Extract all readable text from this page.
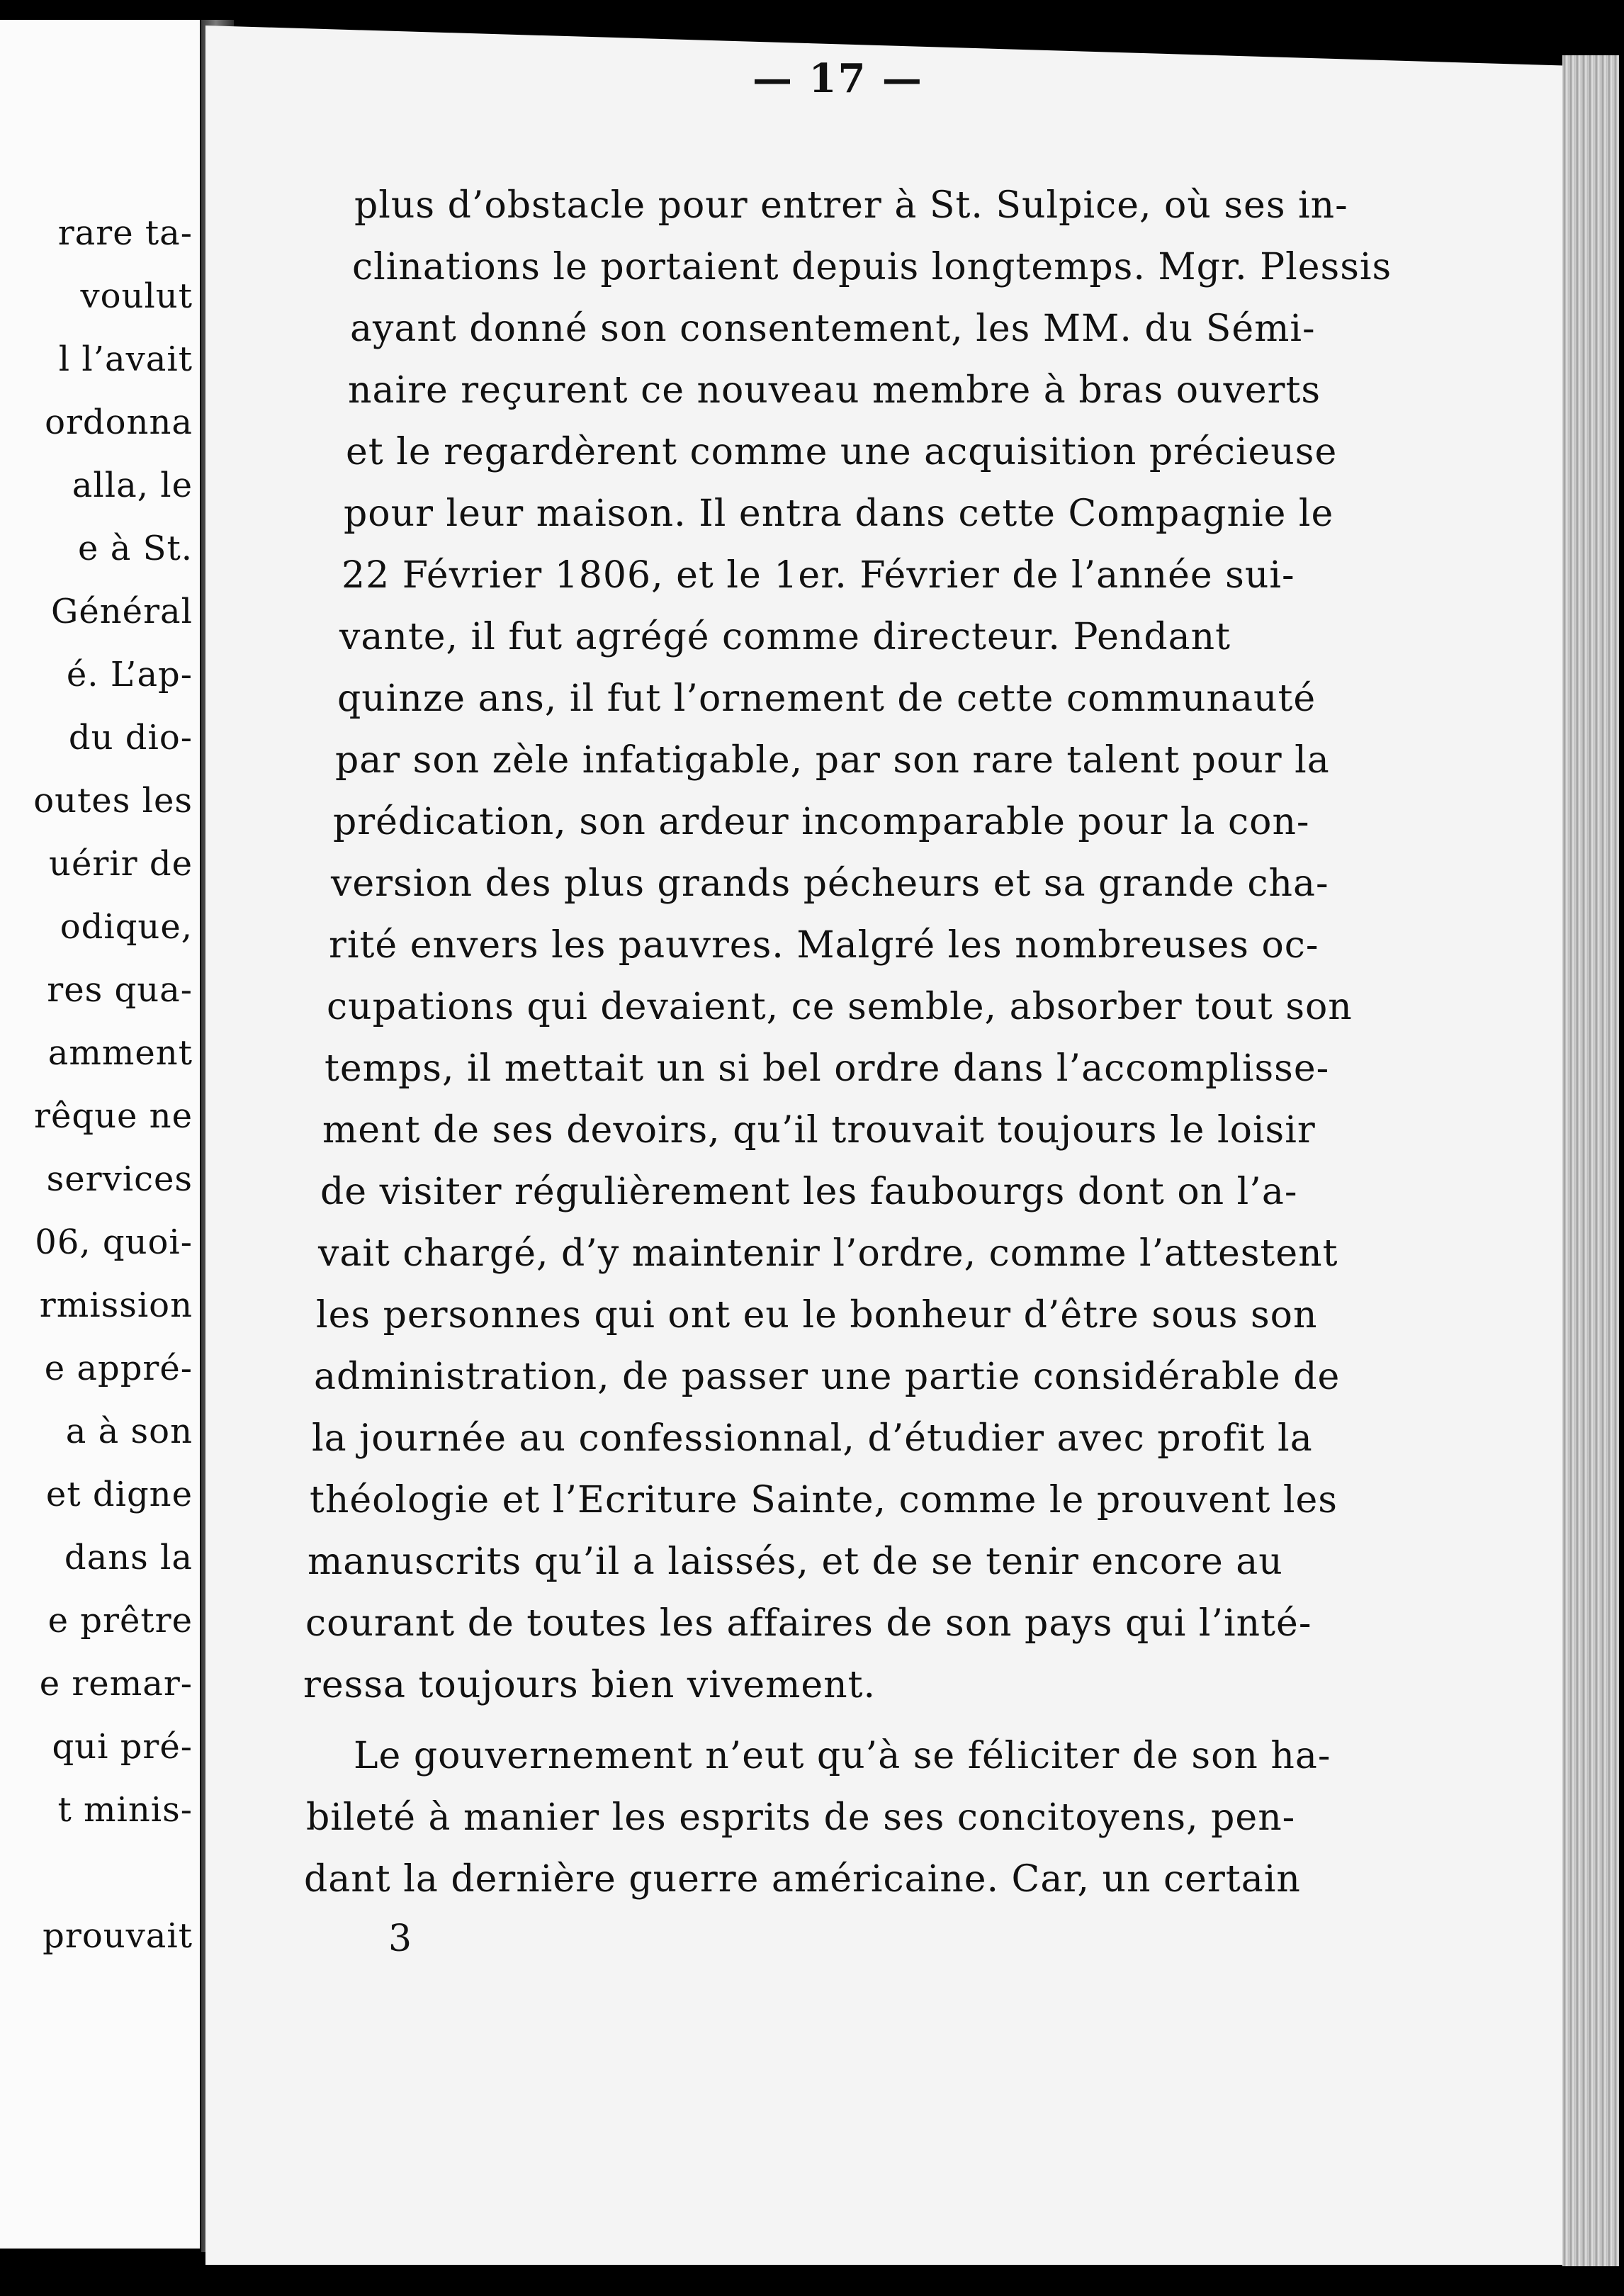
rare ta-

voulut

l l’avait

ordonna

alla, le

e à St.

Général

é. L’ap-

du dio-

outes les

uérir de

odique,

res qua-

amment

rêque ne

services

06, quoi-

rmission

e appré-

a à son

et digne

dans la

e prêtre

e remar-

qui pré-

t minis-

prouvait

— 17 —

plus d’obstacle pour entrer à St. Sulpice, où ses in-

clinations le portaient depuis longtemps. Mgr. Plessis

ayant donné son consentement, les MM. du Sémi-

naire reçurent ce nouveau membre à bras ouverts

et le regardèrent comme une acquisition précieuse

pour leur maison. Il entra dans cette Compagnie le

22 Février 1806, et le 1er. Février de l’année sui-

vante, il fut agrégé comme directeur. Pendant

quinze ans, il fut l’ornement de cette communauté

par son zèle infatigable, par son rare talent pour la

prédication, son ardeur incomparable pour la con-

version des plus grands pécheurs et sa grande cha-

rité envers les pauvres. Malgré les nombreuses oc-

cupations qui devaient, ce semble, absorber tout son

temps, il mettait un si bel ordre dans l’accomplisse-

ment de ses devoirs, qu’il trouvait toujours le loisir

de visiter régulièrement les faubourgs dont on l’a-

vait chargé, d’y maintenir l’ordre, comme l’attestent

les personnes qui ont eu le bonheur d’être sous son

administration, de passer une partie considérable de

la journée au confessionnal, d’étudier avec profit la

théologie et l’Ecriture Sainte, comme le prouvent les

manuscrits qu’il a laissés, et de se tenir encore au

courant de toutes les affaires de son pays qui l’inté-

ressa toujours bien vivement.

Le gouvernement n’eut qu’à se féliciter de son ha-

bileté à manier les esprits de ses concitoyens, pen-

dant la dernière guerre américaine. Car, un certain

3
